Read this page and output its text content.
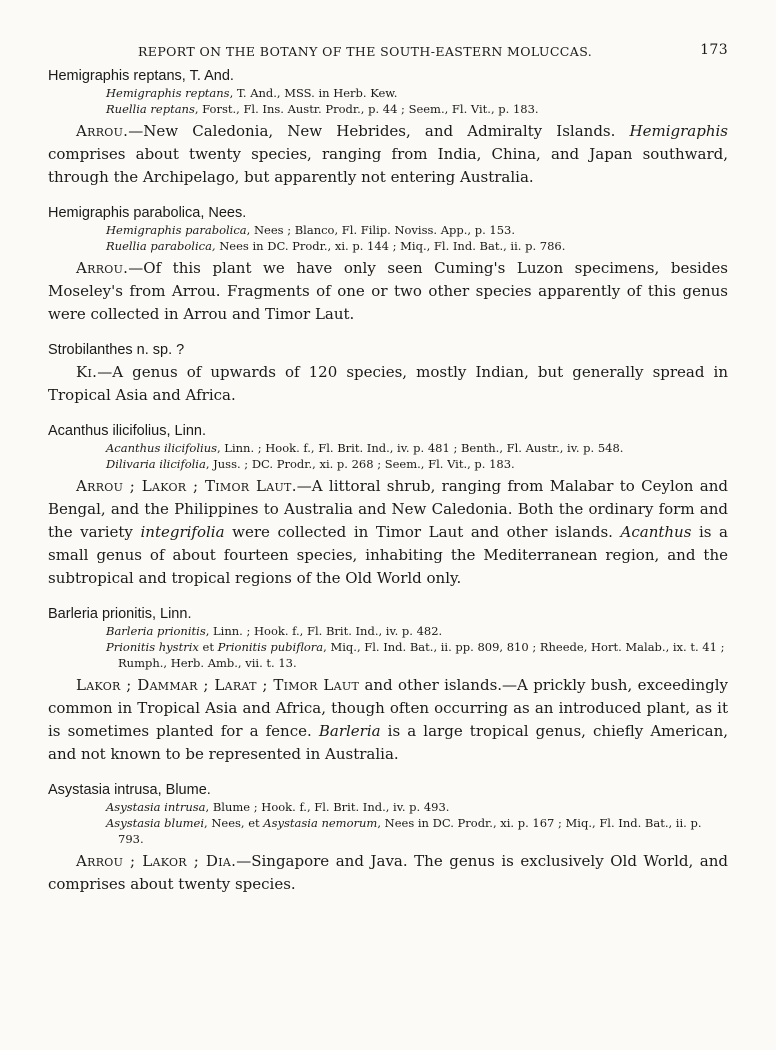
REPORT ON THE BOTANY OF THE SOUTH-EASTERN MOLUCCAS.	173
Hemigraphis reptans, T. And.
Hemigraphis reptans, T. And., MSS. in Herb. Kew.
Ruellia reptans, Forst., Fl. Ins. Austr. Prodr., p. 44 ; Seem., Fl. Vit., p. 183.

Arrou.—New Caledonia, New Hebrides, and Admiralty Islands. Hemigraphis comprises about twenty species, ranging from India, China, and Japan southward, through the Archipelago, but apparently not entering Australia.

Hemigraphis parabolica, Nees.
Hemigraphis parabolica, Nees ; Blanco, Fl. Filip. Noviss. App., p. 153.
Ruellia parabolica, Nees in DC. Prodr., xi. p. 144 ; Miq., Fl. Ind. Bat., ii. p. 786.

Arrou.—Of this plant we have only seen Cuming's Luzon specimens, besides Moseley's from Arrou. Fragments of one or two other species apparently of this genus were collected in Arrou and Timor Laut.

Strobilanthes n. sp. ?

Ki.—A genus of upwards of 120 species, mostly Indian, but generally spread in Tropical Asia and Africa.

Acanthus ilicifolius, Linn.
Acanthus ilicifolius, Linn. ; Hook. f., Fl. Brit. Ind., iv. p. 481 ; Benth., Fl. Austr., iv. p. 548.
Dilivaria ilicifolia, Juss. ; DC. Prodr., xi. p. 268 ; Seem., Fl. Vit., p. 183.

Arrou ; Lakor ; Timor Laut.—A littoral shrub, ranging from Malabar to Ceylon and Bengal, and the Philippines to Australia and New Caledonia. Both the ordinary form and the variety integrifolia were collected in Timor Laut and other islands. Acanthus is a small genus of about fourteen species, inhabiting the Mediterranean region, and the subtropical and tropical regions of the Old World only.

Barleria prionitis, Linn.
Barleria prionitis, Linn. ; Hook. f., Fl. Brit. Ind., iv. p. 482.
Prionitis hystrix et Prionitis pubiflora, Miq., Fl. Ind. Bat., ii. pp. 809, 810 ; Rheede, Hort. Malab., ix. t. 41 ; Rumph., Herb. Amb., vii. t. 13.

Lakor ; Dammar ; Larat ; Timor Laut and other islands.—A prickly bush, exceedingly common in Tropical Asia and Africa, though often occurring as an introduced plant, as it is sometimes planted for a fence. Barleria is a large tropical genus, chiefly American, and not known to be represented in Australia.

Asystasia intrusa, Blume.
Asystasia intrusa, Blume ; Hook. f., Fl. Brit. Ind., iv. p. 493.
Asystasia blumei, Nees, et Asystasia nemorum, Nees in DC. Prodr., xi. p. 167 ; Miq., Fl. Ind. Bat., ii. p. 793.

Arrou ; Lakor ; Dia.—Singapore and Java. The genus is exclusively Old World, and comprises about twenty species.
